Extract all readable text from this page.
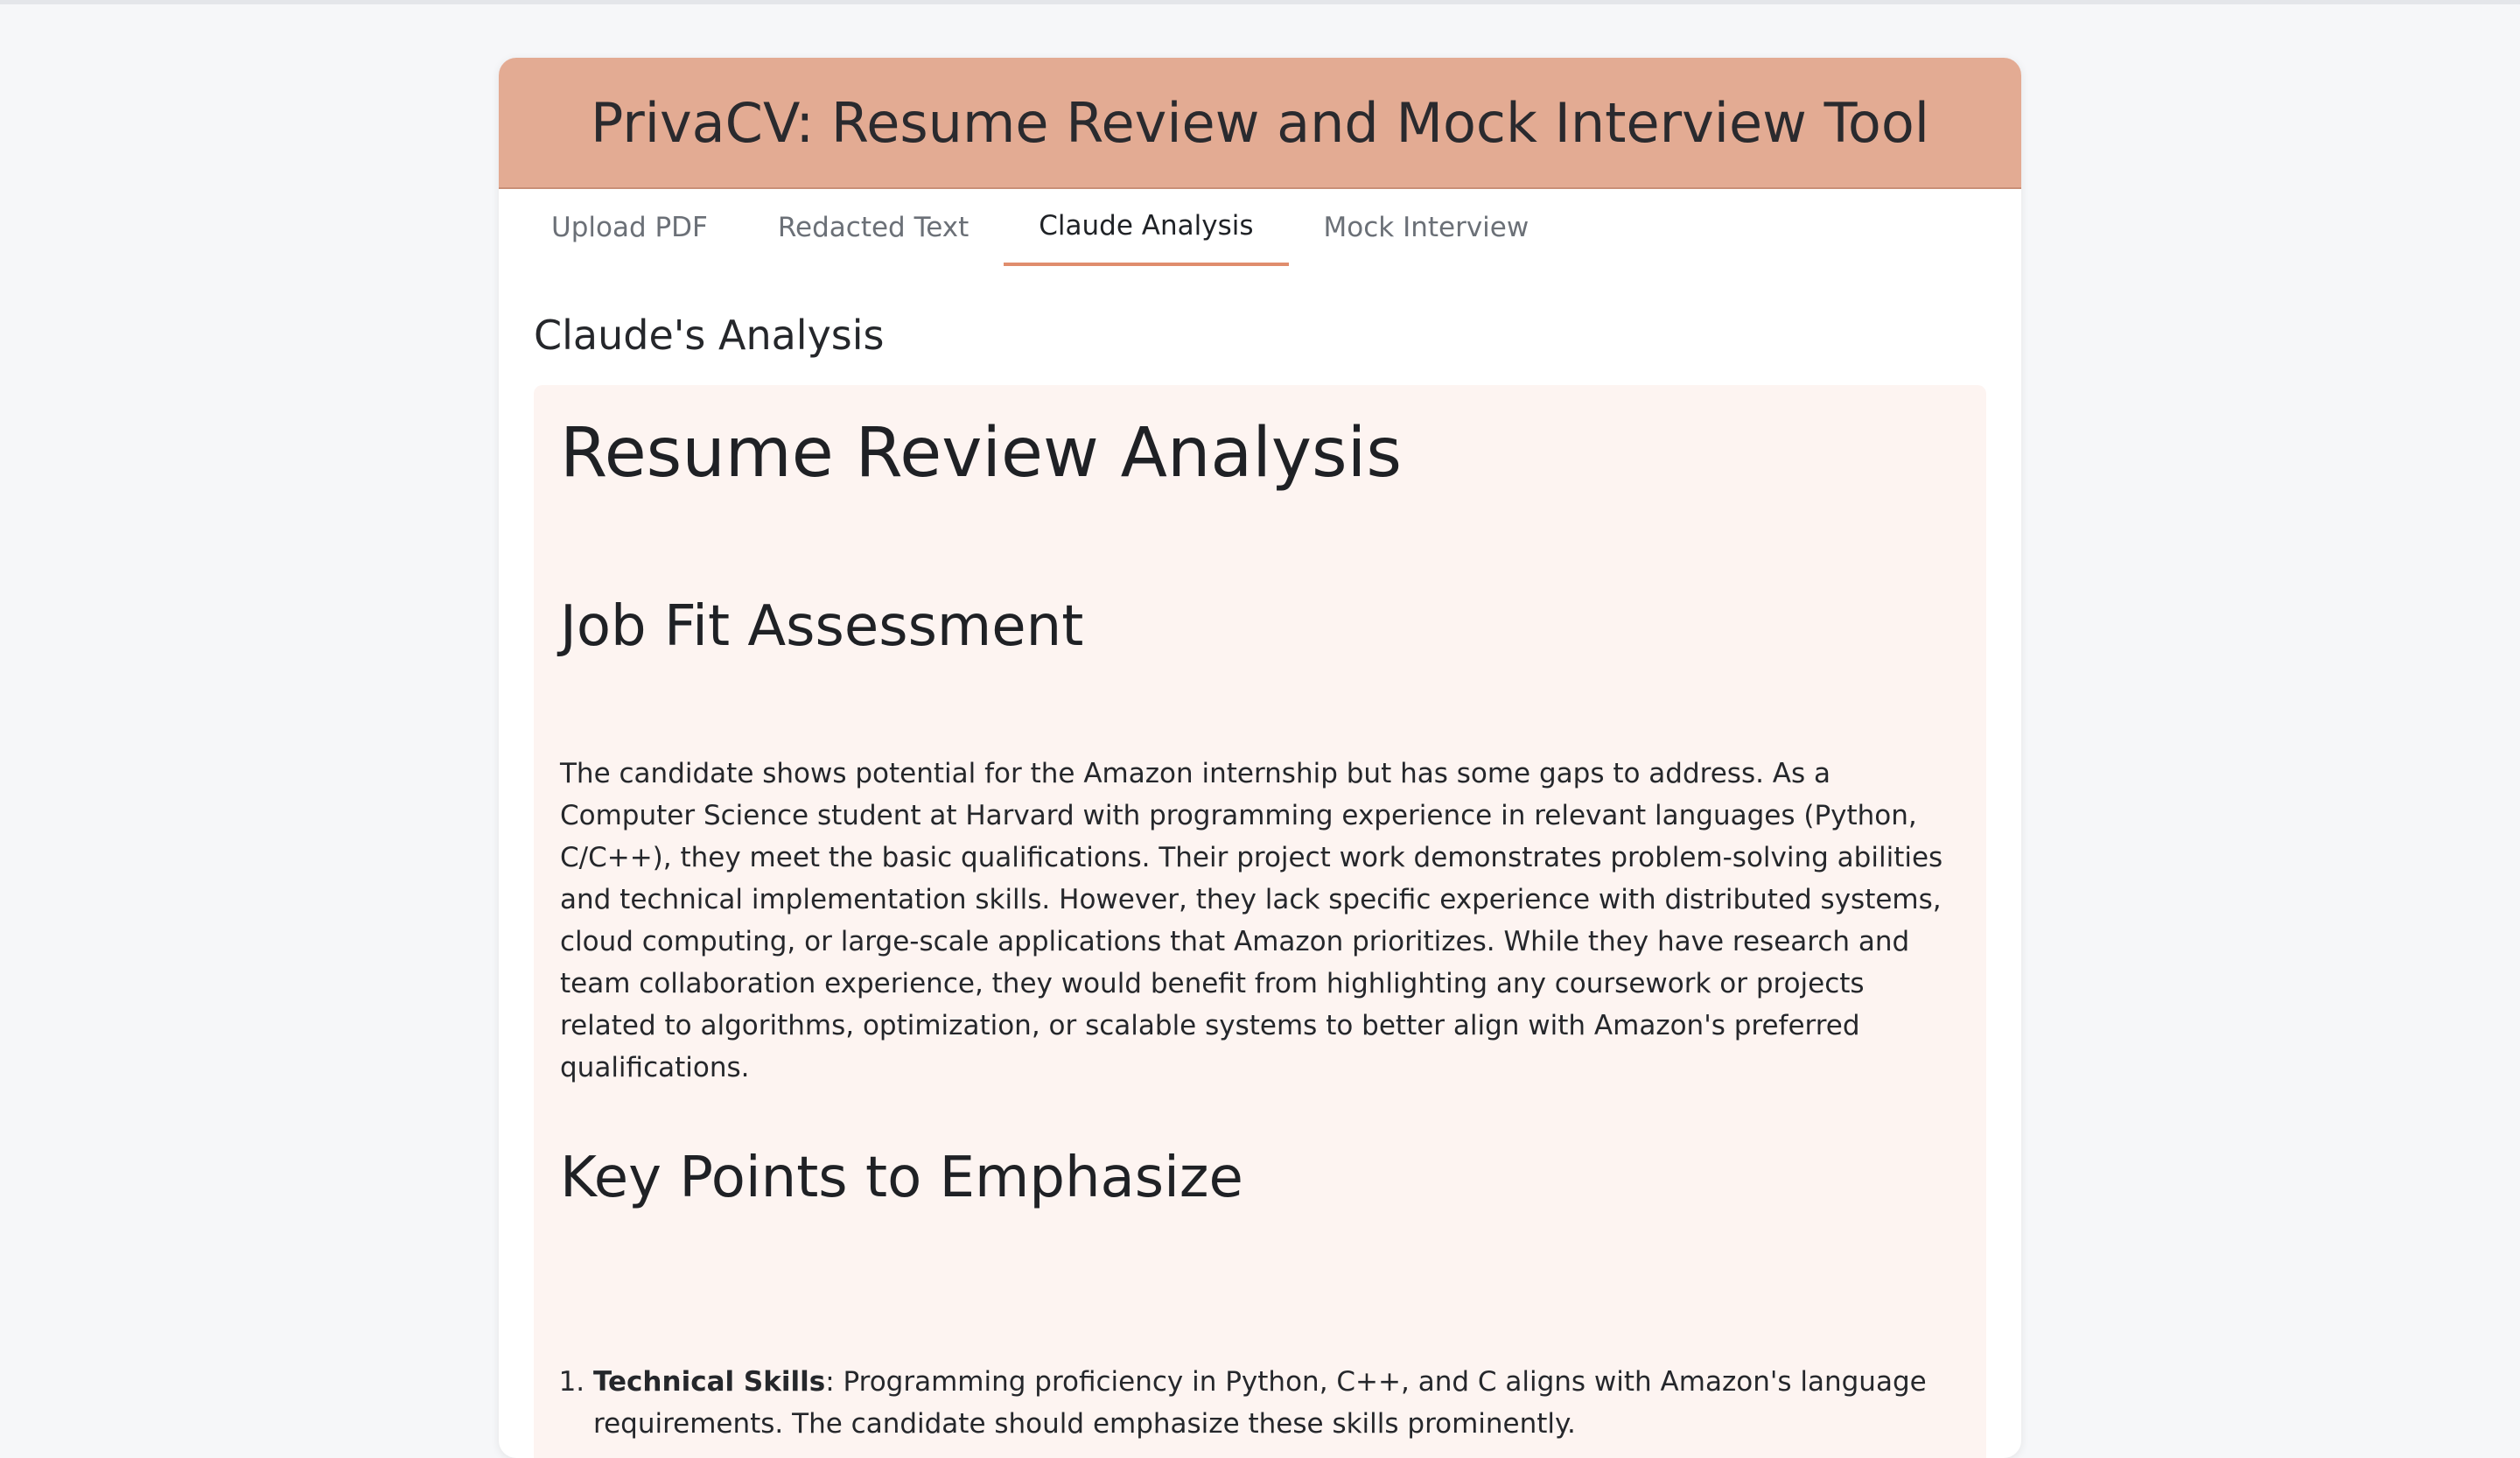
PrivaCV: Resume Review and Mock Interview Tool
Upload PDF	Redacted Text	Claude Analysis	Mock Interview
Claude's Analysis
Resume Review Analysis
Job Fit Assessment

The candidate shows potential for the Amazon internship but has some gaps to address. As a Computer Science student at Harvard with programming experience in relevant languages (Python, C/C++), they meet the basic qualifications. Their project work demonstrates problem-solving abilities and technical implementation skills. However, they lack specific experience with distributed systems, cloud computing, or large-scale applications that Amazon prioritizes. While they have research and team collaboration experience, they would benefit from highlighting any coursework or projects related to algorithms, optimization, or scalable systems to better align with Amazon's preferred qualifications.

Key Points to Emphasize
1. Technical Skills: Programming proficiency in Python, C++, and C aligns with Amazon's language requirements. The candidate should emphasize these skills prominently.
